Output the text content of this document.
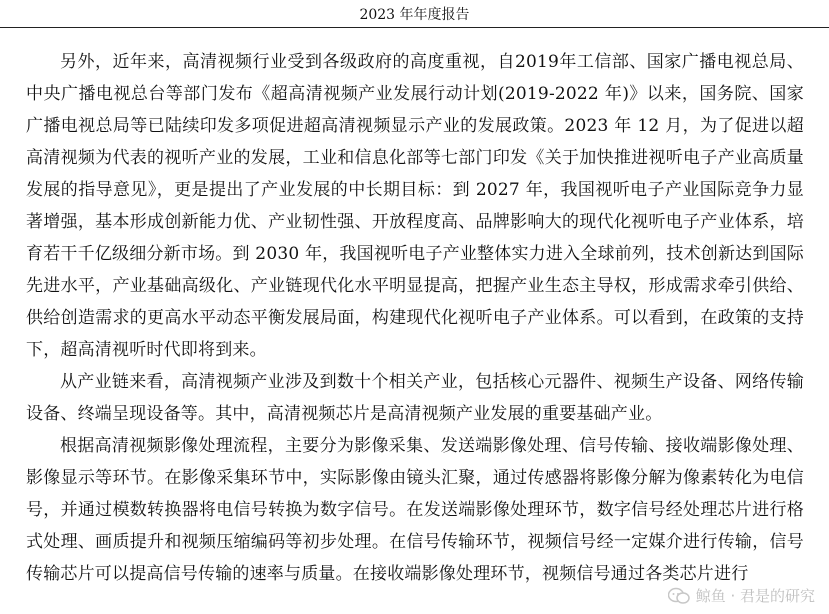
2023 年年度报告

另外，近年来，高清视频行业受到各级政府的高度重视，自2019年工信部、国家广播电视总局、中央广播电视总台等部门发布《超高清视频产业发展行动计划(2019-2022 年)》以来，国务院、国家广播电视总局等已陆续印发多项促进超高清视频显示产业的发展政策。2023 年 12 月，为了促进以超高清视频为代表的视听产业的发展，工业和信息化部等七部门印发《关于加快推进视听电子产业高质量发展的指导意见》，更是提出了产业发展的中长期目标：到 2027 年，我国视听电子产业国际竞争力显著增强，基本形成创新能力优、产业韧性强、开放程度高、品牌影响大的现代化视听电子产业体系，培育若干千亿级细分新市场。到 2030 年，我国视听电子产业整体实力进入全球前列，技术创新达到国际先进水平，产业基础高级化、产业链现代化水平明显提高，把握产业生态主导权，形成需求牵引供给、供给创造需求的更高水平动态平衡发展局面，构建现代化视听电子产业体系。可以看到，在政策的支持下，超高清视听时代即将到来。

从产业链来看，高清视频产业涉及到数十个相关产业，包括核心元器件、视频生产设备、网络传输设备、终端呈现设备等。其中，高清视频芯片是高清视频产业发展的重要基础产业。

根据高清视频影像处理流程，主要分为影像采集、发送端影像处理、信号传输、接收端影像处理、影像显示等环节。在影像采集环节中，实际影像由镜头汇聚，通过传感器将影像分解为像素转化为电信号，并通过模数转换器将电信号转换为数字信号。在发送端影像处理环节，数字信号经处理芯片进行格式处理、画质提升和视频压缩编码等初步处理。在信号传输环节，视频信号经一定媒介进行传输，信号传输芯片可以提高信号传输的速率与质量。在接收端影像处理环节，视频信号通过各类芯片进行

鲸鱼 · 君是的研究
